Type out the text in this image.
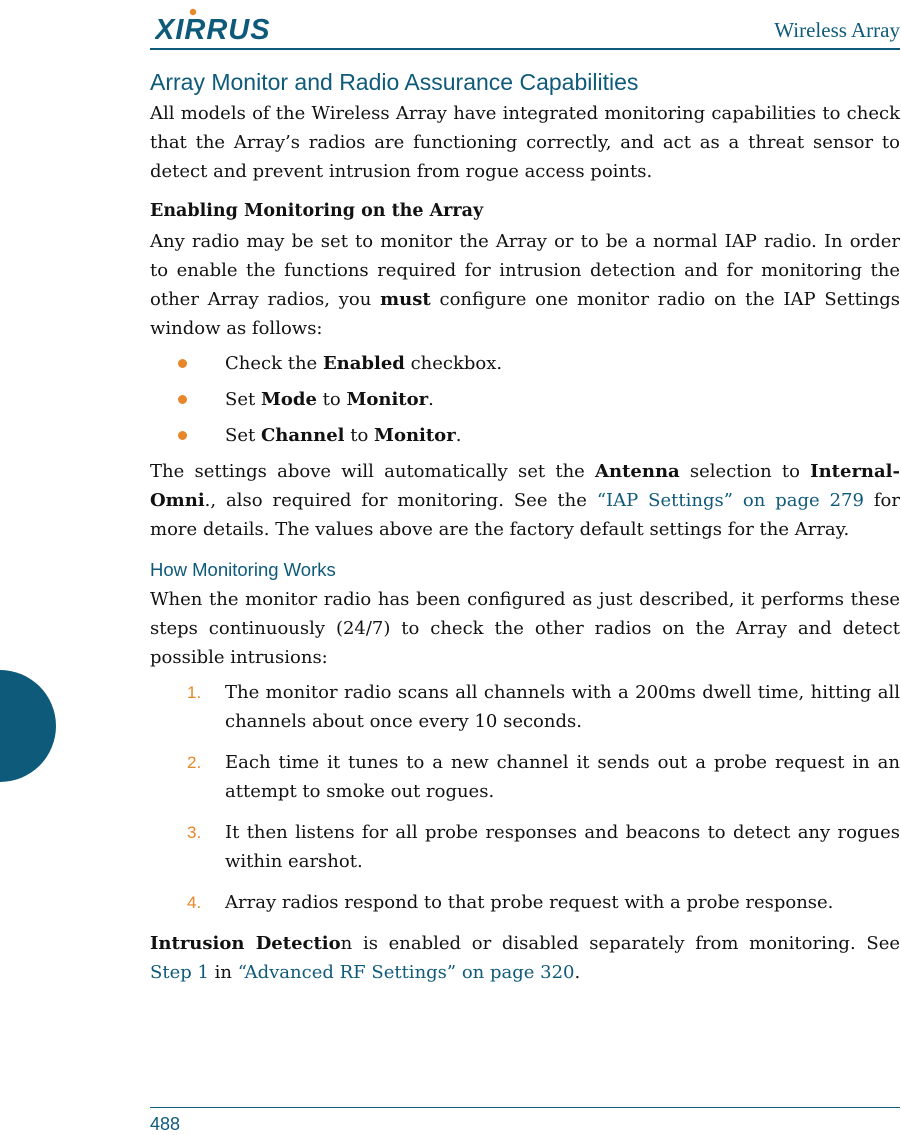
XIRRUS	Wireless Array
Array Monitor and Radio Assurance Capabilities

All models of the Wireless Array have integrated monitoring capabilities to check that the Array’s radios are functioning correctly, and act as a threat sensor to detect and prevent intrusion from rogue access points.

Enabling Monitoring on the Array

Any radio may be set to monitor the Array or to be a normal IAP radio. In order to enable the functions required for intrusion detection and for monitoring the other Array radios, you must configure one monitor radio on the IAP Settings window as follows:

Check the Enabled checkbox.
Set Mode to Monitor.
Set Channel to Monitor.

The settings above will automatically set the Antenna selection to Internal-Omni., also required for monitoring. See the “IAP Settings” on page 279 for more details. The values above are the factory default settings for the Array.

How Monitoring Works

When the monitor radio has been configured as just described, it performs these steps continuously (24/7) to check the other radios on the Array and detect possible intrusions:

1. The monitor radio scans all channels with a 200ms dwell time, hitting all channels about once every 10 seconds.
2. Each time it tunes to a new channel it sends out a probe request in an attempt to smoke out rogues.
3. It then listens for all probe responses and beacons to detect any rogues within earshot.
4. Array radios respond to that probe request with a probe response.

Intrusion Detection is enabled or disabled separately from monitoring. See Step 1 in “Advanced RF Settings” on page 320.

488
